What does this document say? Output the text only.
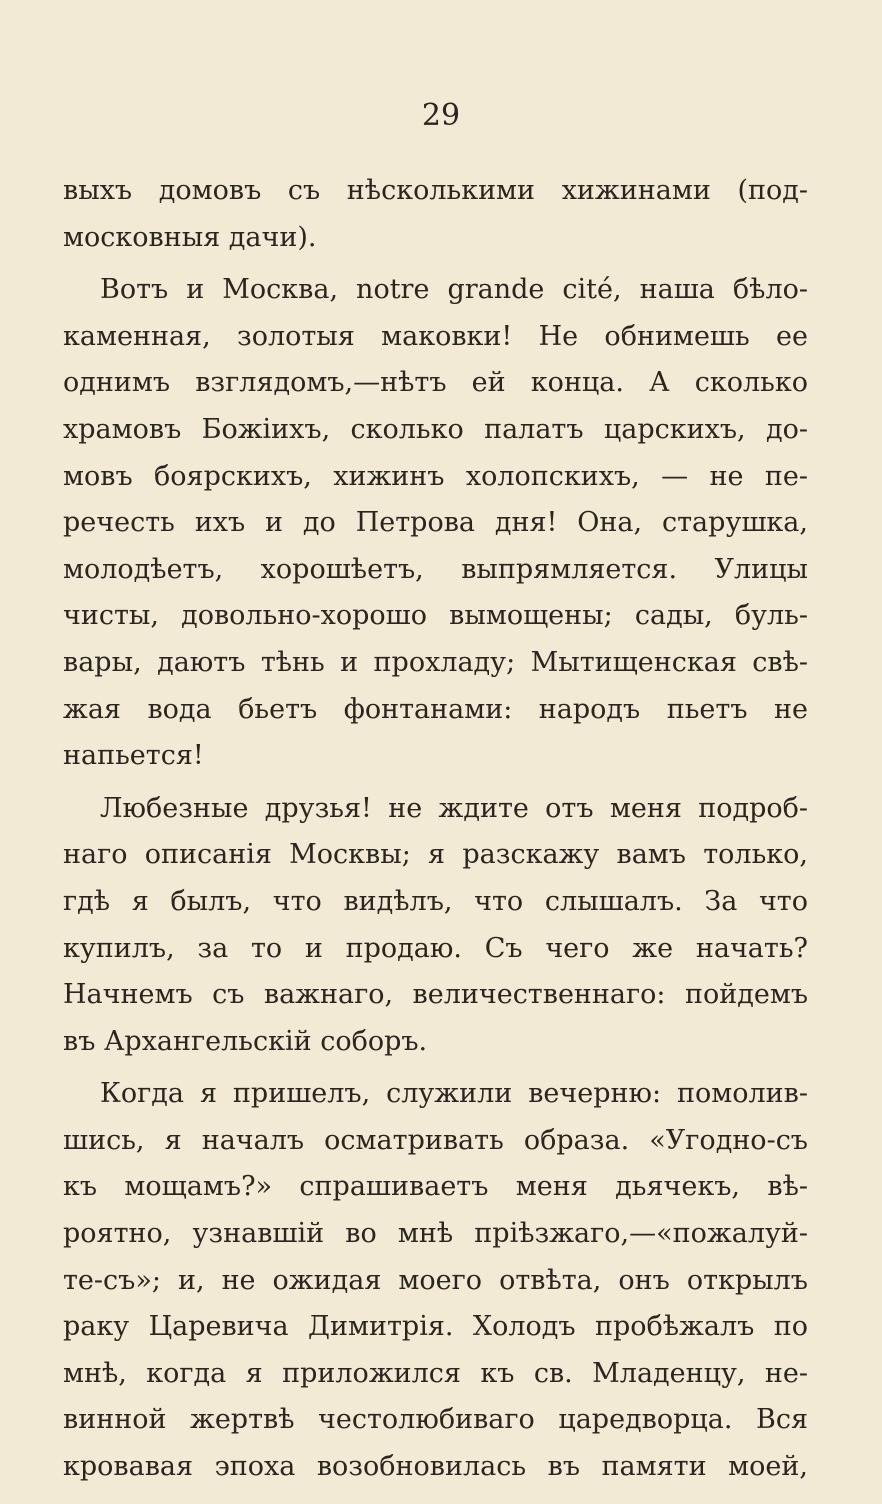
29
выхъ домовъ съ нѣсколькими хижинами (под-
московныя дачи).
Вотъ и Москва, notre grande cité, наша бѣло-
каменная, золотыя маковки! Не обнимешь ее
однимъ взглядомъ,—нѣтъ ей конца. А сколько
храмовъ Божіихъ, сколько палатъ царскихъ, до-
мовъ боярскихъ, хижинъ холопскихъ, — не пе-
речесть ихъ и до Петрова дня! Она, старушка,
молодѣетъ, хорошѣетъ, выпрямляется. Улицы
чисты, довольно-хорошо вымощены; сады, буль-
вары, даютъ тѣнь и прохладу; Мытищенская свѣ-
жая вода бьетъ фонтанами: народъ пьетъ не
напьется!
Любезные друзья! не ждите отъ меня подроб-
наго описанія Москвы; я разскажу вамъ только,
гдѣ я былъ, что видѣлъ, что слышалъ. За что
купилъ, за то и продаю. Съ чего же начать?
Начнемъ съ важнаго, величественнаго: пойдемъ
въ Архангельскій соборъ.
Когда я пришелъ, служили вечерню: помолив-
шись, я началъ осматривать образа. «Угодно-съ
къ мощамъ?» спрашиваетъ меня дьячекъ, вѣ-
роятно, узнавшій во мнѣ пріѣзжаго,—«пожалуй-
те-съ»; и, не ожидая моего отвѣта, онъ открылъ
раку Царевича Димитрія. Холодъ пробѣжалъ по
мнѣ, когда я приложился къ св. Младенцу, не-
винной жертвѣ честолюбиваго царедворца. Вся
кровавая эпоха возобновилась въ памяти моей,
